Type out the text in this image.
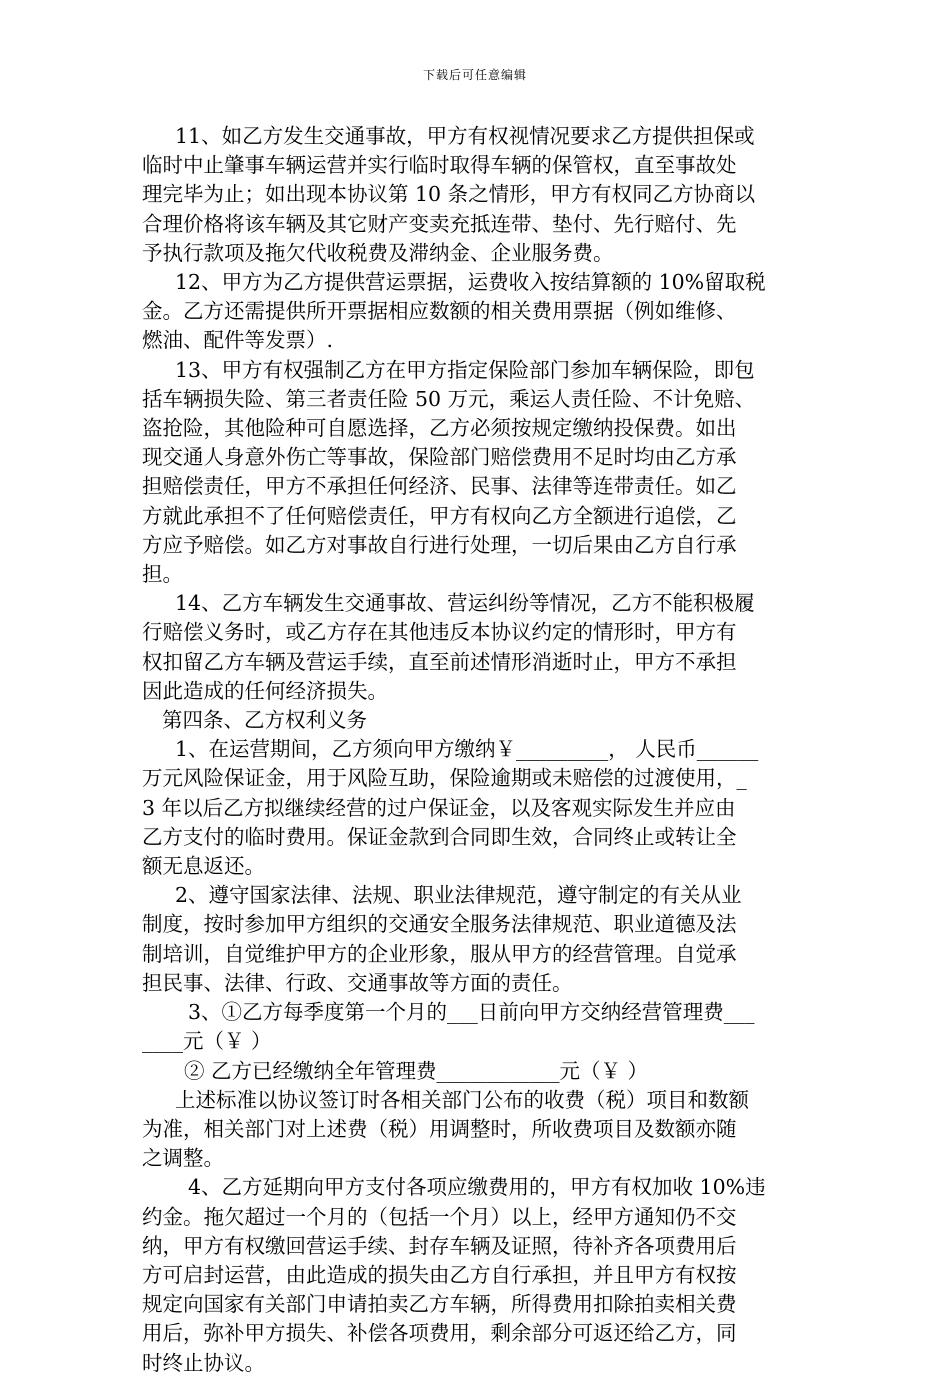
下载后可任意编辑
11、如乙方发生交通事故，甲方有权视情况要求乙方提供担保或
临时中止肇事车辆运营并实行临时取得车辆的保管权，直至事故处
理完毕为止；如出现本协议第 10 条之情形，甲方有权同乙方协商以
合理价格将该车辆及其它财产变卖充抵连带、垫付、先行赔付、先
予执行款项及拖欠代收税费及滞纳金、企业服务费。
12、甲方为乙方提供营运票据，运费收入按结算额的 10%留取税
金。乙方还需提供所开票据相应数额的相关费用票据（例如维修、
燃油、配件等发票）.
13、甲方有权强制乙方在甲方指定保险部门参加车辆保险，即包
括车辆损失险、第三者责任险 50 万元，乘运人责任险、不计免赔、
盗抢险，其他险种可自愿选择，乙方必须按规定缴纳投保费。如出
现交通人身意外伤亡等事故，保险部门赔偿费用不足时均由乙方承
担赔偿责任，甲方不承担任何经济、民事、法律等连带责任。如乙
方就此承担不了任何赔偿责任，甲方有权向乙方全额进行追偿，乙
方应予赔偿。如乙方对事故自行进行处理，一切后果由乙方自行承
担。
14、乙方车辆发生交通事故、营运纠纷等情况，乙方不能积极履
行赔偿义务时，或乙方存在其他违反本协议约定的情形时，甲方有
权扣留乙方车辆及营运手续，直至前述情形消逝时止，甲方不承担
因此造成的任何经济损失。
第四条、乙方权利义务
1、在运营期间，乙方须向甲方缴纳￥_________， 人民币______
万元风险保证金，用于风险互助，保险逾期或未赔偿的过渡使用，_
3 年以后乙方拟继续经营的过户保证金，以及客观实际发生并应由
乙方支付的临时费用。保证金款到合同即生效，合同终止或转让全
额无息返还。
2、遵守国家法律、法规、职业法律规范，遵守制定的有关从业
制度，按时参加甲方组织的交通安全服务法律规范、职业道德及法
制培训，自觉维护甲方的企业形象，服从甲方的经营管理。自觉承
担民事、法律、行政、交通事故等方面的责任。
3、①乙方每季度第一个月的___日前向甲方交纳经营管理费___
____元（￥ ）
② 乙方已经缴纳全年管理费____________元（￥ ）
上述标准以协议签订时各相关部门公布的收费（税）项目和数额
为准，相关部门对上述费（税）用调整时，所收费项目及数额亦随
之调整。
4、乙方延期向甲方支付各项应缴费用的，甲方有权加收 10%违
约金。拖欠超过一个月的（包括一个月）以上，经甲方通知仍不交
纳，甲方有权缴回营运手续、封存车辆及证照，待补齐各项费用后
方可启封运营，由此造成的损失由乙方自行承担，并且甲方有权按
规定向国家有关部门申请拍卖乙方车辆，所得费用扣除拍卖相关费
用后，弥补甲方损失、补偿各项费用，剩余部分可返还给乙方，同
时终止协议。
